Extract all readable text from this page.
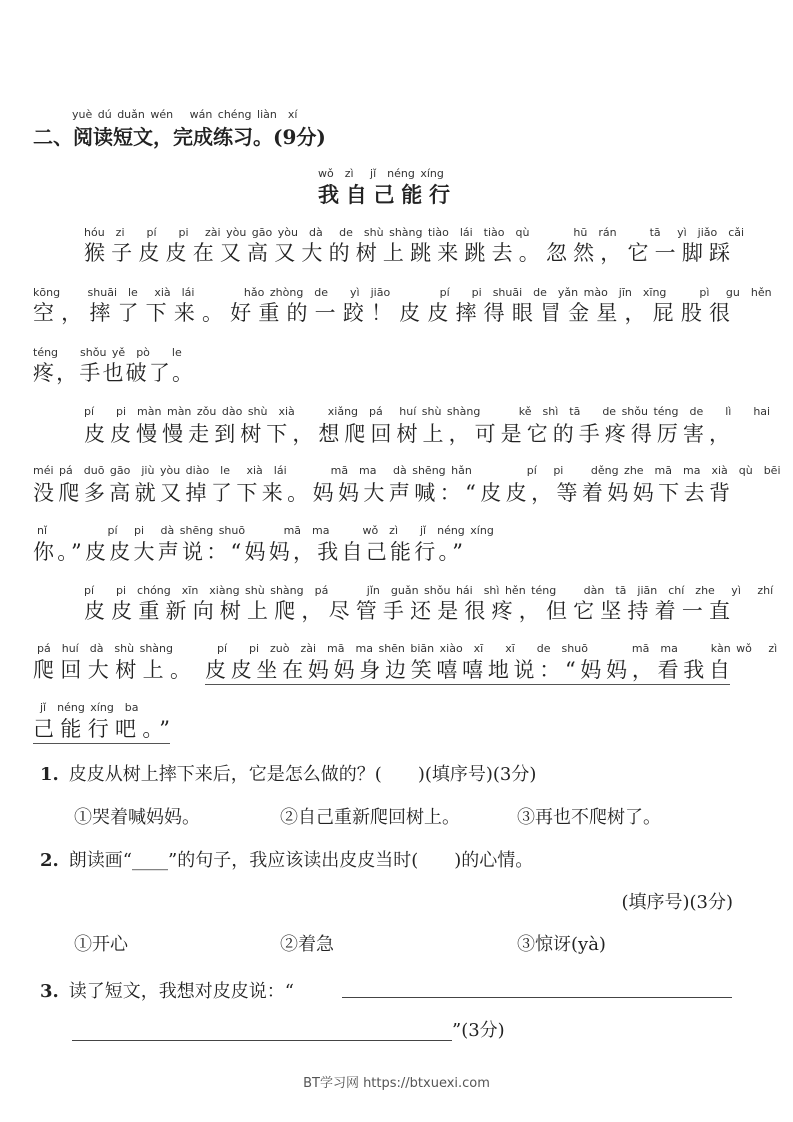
yuè dú duǎn wén   wán chéng liàn  xí
二、阅读短文，完成练习。(9分)
wǒ  zì   jǐ  néng xíng
我自己能行
hóu  zi    pí    pi   zài yòu gāo yòu  dà   de  shù shàng tiào  lái  tiào  qù        hū  rán      tā   yì  jiǎo  cǎi
猴子皮皮在又高又大的树上跳来跳去。忽然，它一脚踩
kōng     shuāi  le   xià  lái         hǎo zhòng  de    yì  jiāo         pí    pi  shuāi  de  yǎn mào  jīn  xīng      pì   gu  hěn
空，摔了下来。好重的一跤！皮皮摔得眼冒金星，屁股很
téng    shǒu yě  pò    le
疼，手也破了。
pí    pi  màn màn zǒu dào shù  xià      xiǎng  pá   huí shù shàng       kě  shì  tā    de shǒu téng  de    lì    hai
皮皮慢慢走到树下，想爬回树上，可是它的手疼得厉害，
méi pá  duō gāo  jiù yòu diào  le   xià  lái        mā  ma   dà shēng hǎn          pí   pi     děng zhe  mā  ma  xià  qù  bēi
没爬多高就又掉了下来。妈妈大声喊：“皮皮，等着妈妈下去背
nǐ           pí   pi   dà shēng shuō       mā  ma      wǒ  zì    jǐ  néng xíng
你。”皮皮大声说：“妈妈，我自己能行。”
pí    pi  chóng  xīn  xiàng shù shàng  pá       jǐn  guǎn shǒu hái  shì hěn téng     dàn  tā  jiān  chí  zhe   yì   zhí
皮皮重新向树上爬，尽管手还是很疼，但它坚持着一直
pá  huí  dà  shù shàng        pí    pi  zuò  zài  mā  ma shēn biān xiào  xī    xī    de  shuō        mā  ma      kàn wǒ   zì
爬回大树上。 皮皮坐在妈妈身边笑嘻嘻地说：“妈妈，看我自
jǐ  néng xíng  ba
己能行吧。”
1. 皮皮从树上摔下来后，它是怎么做的？(　　)(填序号)(3分)
①哭着喊妈妈。	②自己重新爬回树上。	③再也不爬树了。
2. 朗读画“____”的句子，我应该读出皮皮当时(　　)的心情。
(填序号)(3分)
①开心	②着急	③惊讶(yà)
3. 读了短文，我想对皮皮说：“
”(3分)
BT学习网 https://btxuexi.com
